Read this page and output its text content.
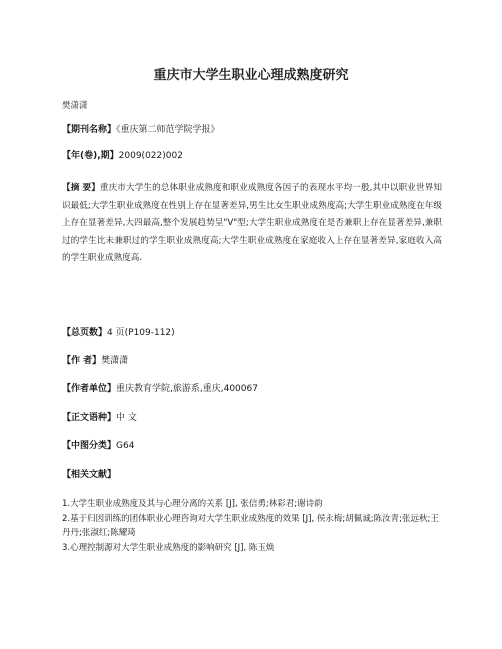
重庆市大学生职业心理成熟度研究
樊潇潇
【期刊名称】《重庆第二师范学院学报》
【年(卷),期】2009(022)002
【摘 要】重庆市大学生的总体职业成熟度和职业成熟度各因子的表现水平均一般,其中以职业世界知识最低;大学生职业成熟度在性别上存在显著差异,男生比女生职业成熟度高;大学生职业成熟度在年级上存在显著差异,大四最高,整个发展趋势呈"V"型;大学生职业成熟度在是否兼职上存在显著差异,兼职过的学生比未兼职过的学生职业成熟度高;大学生职业成熟度在家庭收入上存在显著差异,家庭收入高的学生职业成熟度高.
【总页数】4 页(P109-112)
【作 者】樊潇潇
【作者单位】重庆教育学院,旅游系,重庆,400067
【正文语种】中 文
【中图分类】G64
【相关文献】

1.大学生职业成熟度及其与心理分离的关系 [J], 张信勇;林彩君;谢诗韵

2.基于归因训练的团体职业心理咨询对大学生职业成熟度的效果 [J], 侯永梅;胡佩诚;陈汝青;张远秋;王丹丹;张淑红;陈耀琦

3.心理控制源对大学生职业成熟度的影响研究 [J], 陈玉焕
